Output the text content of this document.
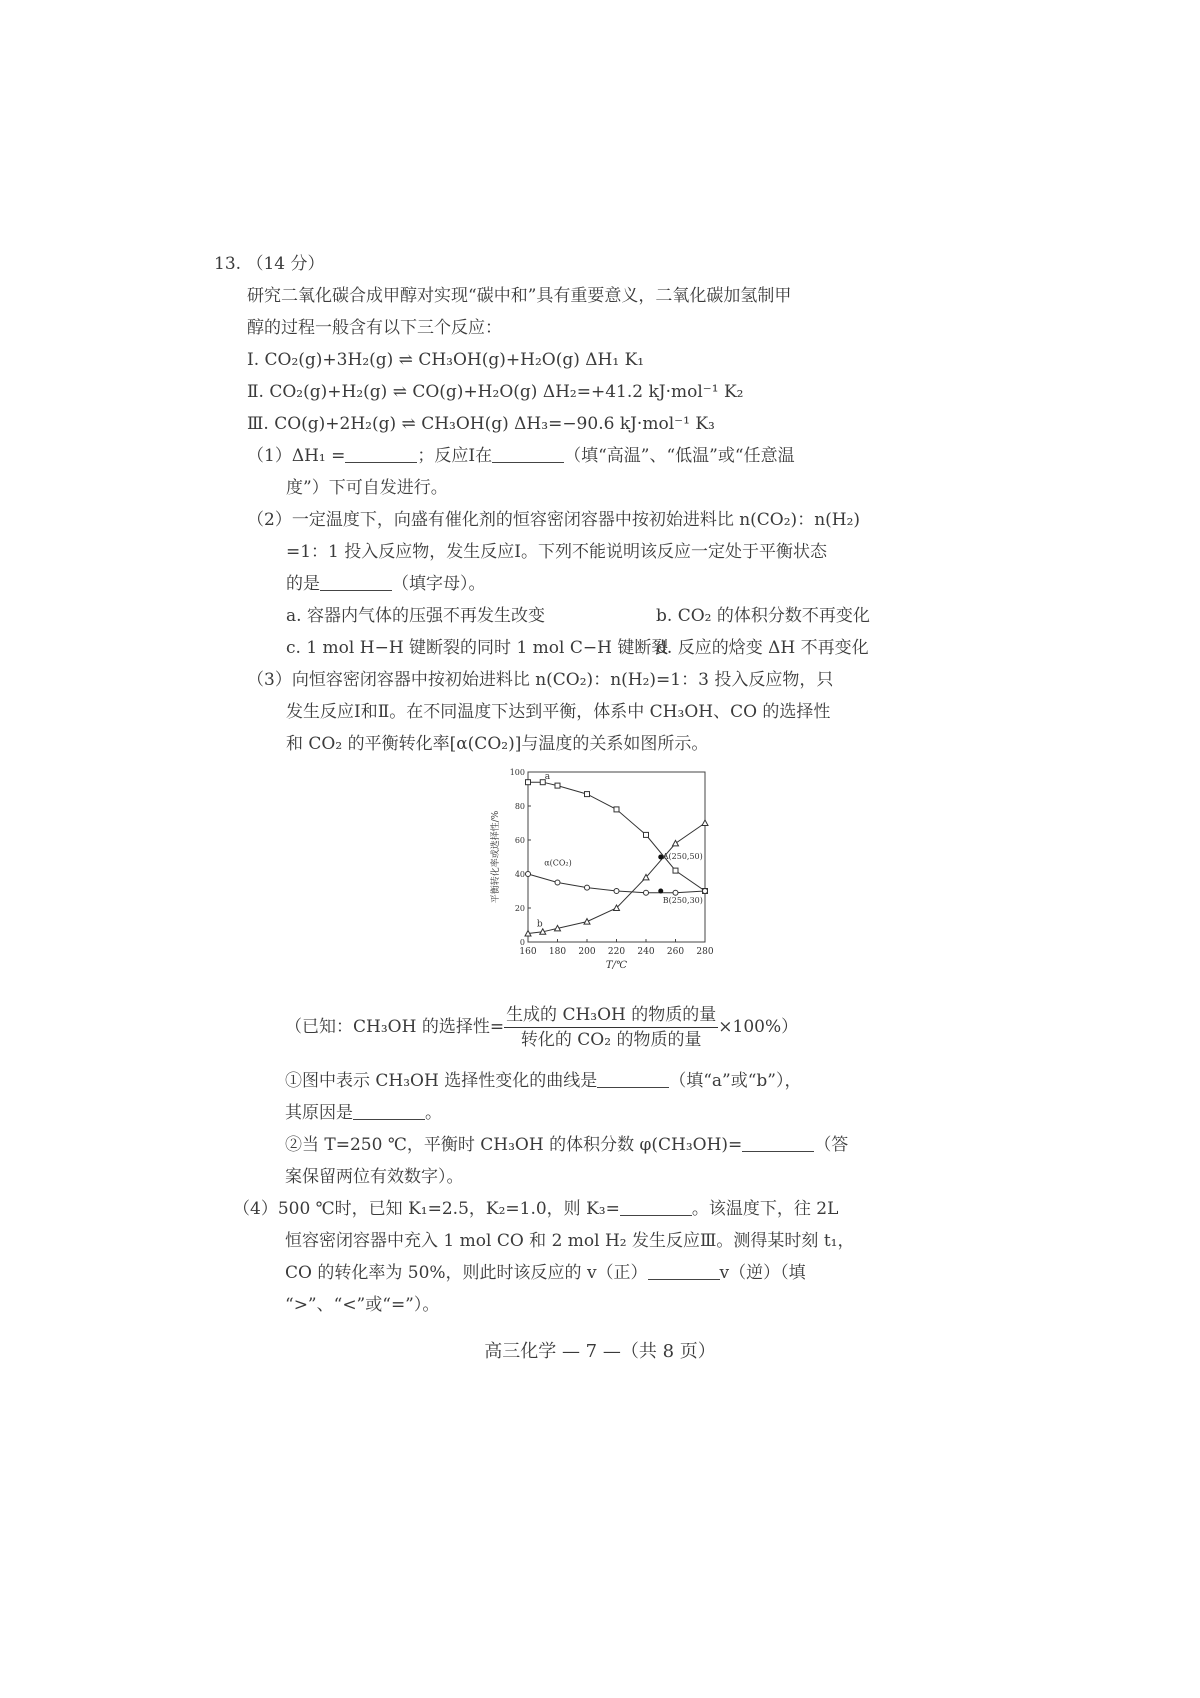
13. （14 分）
研究二氧化碳合成甲醇对实现“碳中和”具有重要意义，二氧化碳加氢制甲
醇的过程一般含有以下三个反应：
Ⅰ. CO₂(g)+3H₂(g) ⇌ CH₃OH(g)+H₂O(g) ΔH₁ K₁
Ⅱ. CO₂(g)+H₂(g) ⇌ CO(g)+H₂O(g) ΔH₂=+41.2 kJ·mol⁻¹ K₂
Ⅲ. CO(g)+2H₂(g) ⇌ CH₃OH(g) ΔH₃=−90.6 kJ·mol⁻¹ K₃
（1）ΔH₁ =	；反应Ⅰ在	（填“高温”、“低温”或“任意温
度”）下可自发进行。
（2）一定温度下，向盛有催化剂的恒容密闭容器中按初始进料比 n(CO₂)：n(H₂)
=1：1 投入反应物，发生反应Ⅰ。下列不能说明该反应一定处于平衡状态
的是	（填字母）。
a. 容器内气体的压强不再发生改变	b. CO₂ 的体积分数不再变化
c. 1 mol H−H 键断裂的同时 1 mol C−H 键断裂
d. 反应的焓变 ΔH 不再变化
（3）向恒容密闭容器中按初始进料比 n(CO₂)：n(H₂)=1：3 投入反应物，只
发生反应Ⅰ和Ⅱ。在不同温度下达到平衡，体系中 CH₃OH、CO 的选择性
和 CO₂ 的平衡转化率[α(CO₂)]与温度的关系如图所示。
160 180 200 220 240 260 280
0
20
40
60
80
100
T/℃
平衡转化率或选择性/%
a
b
α(CO₂)
A(250,50)
B(250,30)
（已知：CH₃OH 的选择性= $\frac{\text{生成的 CH₃OH 的物质的量}}{\text{转化的 CO₂ 的物质的量}} \times 100\%$）
①图中表示 CH₃OH 选择性变化的曲线是	（填“a”或“b”），
其原因是	。
②当 T=250 ℃，平衡时 CH₃OH 的体积分数 φ(CH₃OH)=	（答
案保留两位有效数字）。
（4）500 ℃时，已知 K₁=2.5，K₂=1.0，则 K₃=	。该温度下，往 2L
恒容密闭容器中充入 1 mol CO 和 2 mol H₂ 发生反应Ⅲ。测得某时刻 t₁，
CO 的转化率为 50%，则此时该反应的 v（正）	v（逆）（填
“>”、“<”或“=”）。
高三化学 — 7 —（共 8 页）
